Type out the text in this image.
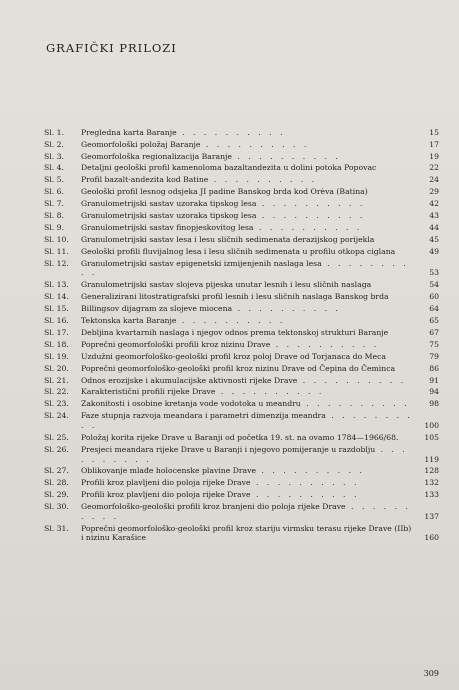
GRAFIČKI PRILOZI
Sl. 1.	Pregledna karta Baranje . . . . . . . . . .	15
Sl. 2.	Geomorfološki položaj Baranje . . . . . . . . . .	17
Sl. 3.	Geomorfološka regionalizacija Baranje . . . . . . . . . .	19
Sl. 4.	Detaljni geološki profil kamenoloma bazaltandezita u dolini potoka Popovac	22
Sl. 5.	Profil bazalt-andezita kod Batine . . . . . . . . . .	24
Sl. 6.	Geološki profil lesnog odsjeka JI padine Banskog brda kod Orèva (Batina)	29
Sl. 7.	Granulometrijski sastav uzoraka tipskog lesa . . . . . . . . . .	42
Sl. 8.	Granulometrijski sastav uzoraka tipskog lesa . . . . . . . . . .	43
Sl. 9.	Granulometrijski sastav finopjeskovitog lesa . . . . . . . . . .	44
Sl. 10.	Granulometrijski sastav lesa i lesu sličnih sedimenata derazijskog porijekla	45
Sl. 11.	Geološki profili fluvijalnog lesa i lesu sličnih sedimenata u profilu otkopa ciglana	49
Sl. 12.	Granulometrijski sastav epigenetski izmijenjenih naslaga lesa . . . . . . . . . .	53
Sl. 13.	Granulometrijski sastav slojeva pijeska unutar lesnih i lesu sličnih naslaga	54
Sl. 14.	Generalizirani litostratigrafski profil lesnih i lesu sličnih naslaga Banskog brda	60
Sl. 15.	Billingsov dijagram za slojeve miocena . . . . . . . . . .	64
Sl. 16.	Tektonska karta Baranje . . . . . . . . . .	65
Sl. 17.	Debljina kvartarnih naslaga i njegov odnos prema tektonskoj strukturi Baranje	67
Sl. 18.	Poprečni geomorfološki profili kroz nizinu Drave . . . . . . . . . .	75
Sl. 19.	Uzdužni geomorfološko-geološki profil kroz poloj Drave od Torjanaca do Meca	79
Sl. 20.	Poprečni geomorfološko-geološki profil kroz nizinu Drave od Čepina do Čeminca	86
Sl. 21.	Odnos erozijske i akumulacijske aktivnosti rijeke Drave . . . . . . . . . .	91
Sl. 22.	Karakteristični profili rijeke Drave . . . . . . . . . .	94
Sl. 23.	Zakonitosti i osobine kretanja vode vodotoka u meandru . . . . . . . . . .	98
Sl. 24.	Faze stupnja razvoja meandara i parametri dimenzija meandra . . . . . . . . . .	100
Sl. 25.	Položaj korita rijeke Drave u Baranji od početka 19. st. na ovamo 1784—1966/68.	105
Sl. 26.	Presjeci meandara rijeke Drave u Baranji i njegovo pomijeranje u razdoblju . . . . . . . . . .	119
Sl. 27.	Oblikovanje mlađe holocenske plavine Drave . . . . . . . . . .	128
Sl. 28.	Profili kroz plavljeni dio poloja rijeke Drave . . . . . . . . . .	132
Sl. 29.	Profili kroz plavljeni dio poloja rijeke Drave . . . . . . . . . .	133
Sl. 30.	Geomorfološko-geološki profili kroz branjeni dio poloja rijeke Drave . . . . . . . . . .	137
Sl. 31.	Poprečni geomorfološko-geološki profil kroz stariju virmsku terasu rijeke Drave (IIb) i nizinu Karašice	160
309
